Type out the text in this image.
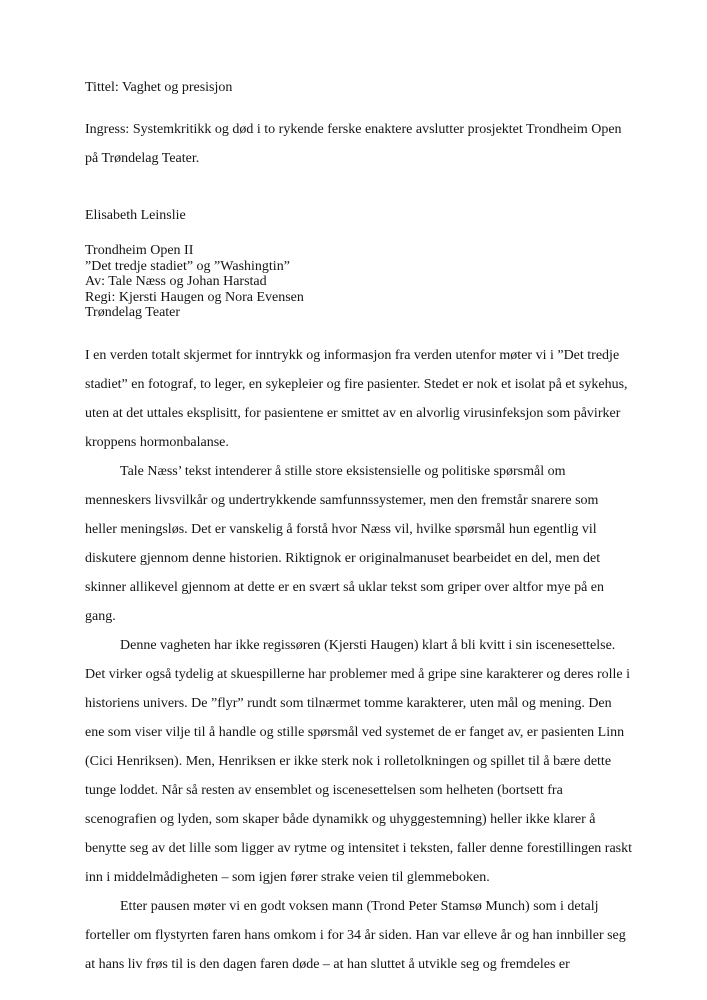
Tittel: Vaghet og presisjon

Ingress: Systemkritikk og død i to rykende ferske enaktere avslutter prosjektet Trondheim Open på Trøndelag Teater.

Elisabeth Leinslie

Trondheim Open II
”Det tredje stadiet” og ”Washingtin”
Av: Tale Næss og Johan Harstad
Regi: Kjersti Haugen og Nora Evensen
Trøndelag Teater

I en verden totalt skjermet for inntrykk og informasjon fra verden utenfor møter vi i ”Det tredje stadiet” en fotograf, to leger, en sykepleier og fire pasienter. Stedet er nok et isolat på et sykehus, uten at det uttales eksplisitt, for pasientene er smittet av en alvorlig virusinfeksjon som påvirker kroppens hormonbalanse.

Tale Næss’ tekst intenderer å stille store eksistensielle og politiske spørsmål om menneskers livsvilkår og undertrykkende samfunnssystemer, men den fremstår snarere som heller meningsløs. Det er vanskelig å forstå hvor Næss vil, hvilke spørsmål hun egentlig vil diskutere gjennom denne historien. Riktignok er originalmanuset bearbeidet en del, men det skinner allikevel gjennom at dette er en svært så uklar tekst som griper over altfor mye på en gang.

Denne vagheten har ikke regissøren (Kjersti Haugen) klart å bli kvitt i sin iscenesettelse. Det virker også tydelig at skuespillerne har problemer med å gripe sine karakterer og deres rolle i historiens univers. De ”flyr” rundt som tilnærmet tomme karakterer, uten mål og mening. Den ene som viser vilje til å handle og stille spørsmål ved systemet de er fanget av, er pasienten Linn (Cici Henriksen). Men, Henriksen er ikke sterk nok i rolletolkningen og spillet til å bære dette tunge loddet. Når så resten av ensemblet og iscenesettelsen som helheten (bortsett fra scenografien og lyden, som skaper både dynamikk og uhyggestemning) heller ikke klarer å benytte seg av det lille som ligger av rytme og intensitet i teksten, faller denne forestillingen raskt inn i middelmådigheten – som igjen fører strake veien til glemmeboken.

Etter pausen møter vi en godt voksen mann (Trond Peter Stamsø Munch) som i detalj forteller om flystyrten faren hans omkom i for 34 år siden. Han var elleve år og han innbiller seg at hans liv frøs til is den dagen faren døde – at han sluttet å utvikle seg og fremdeles er
